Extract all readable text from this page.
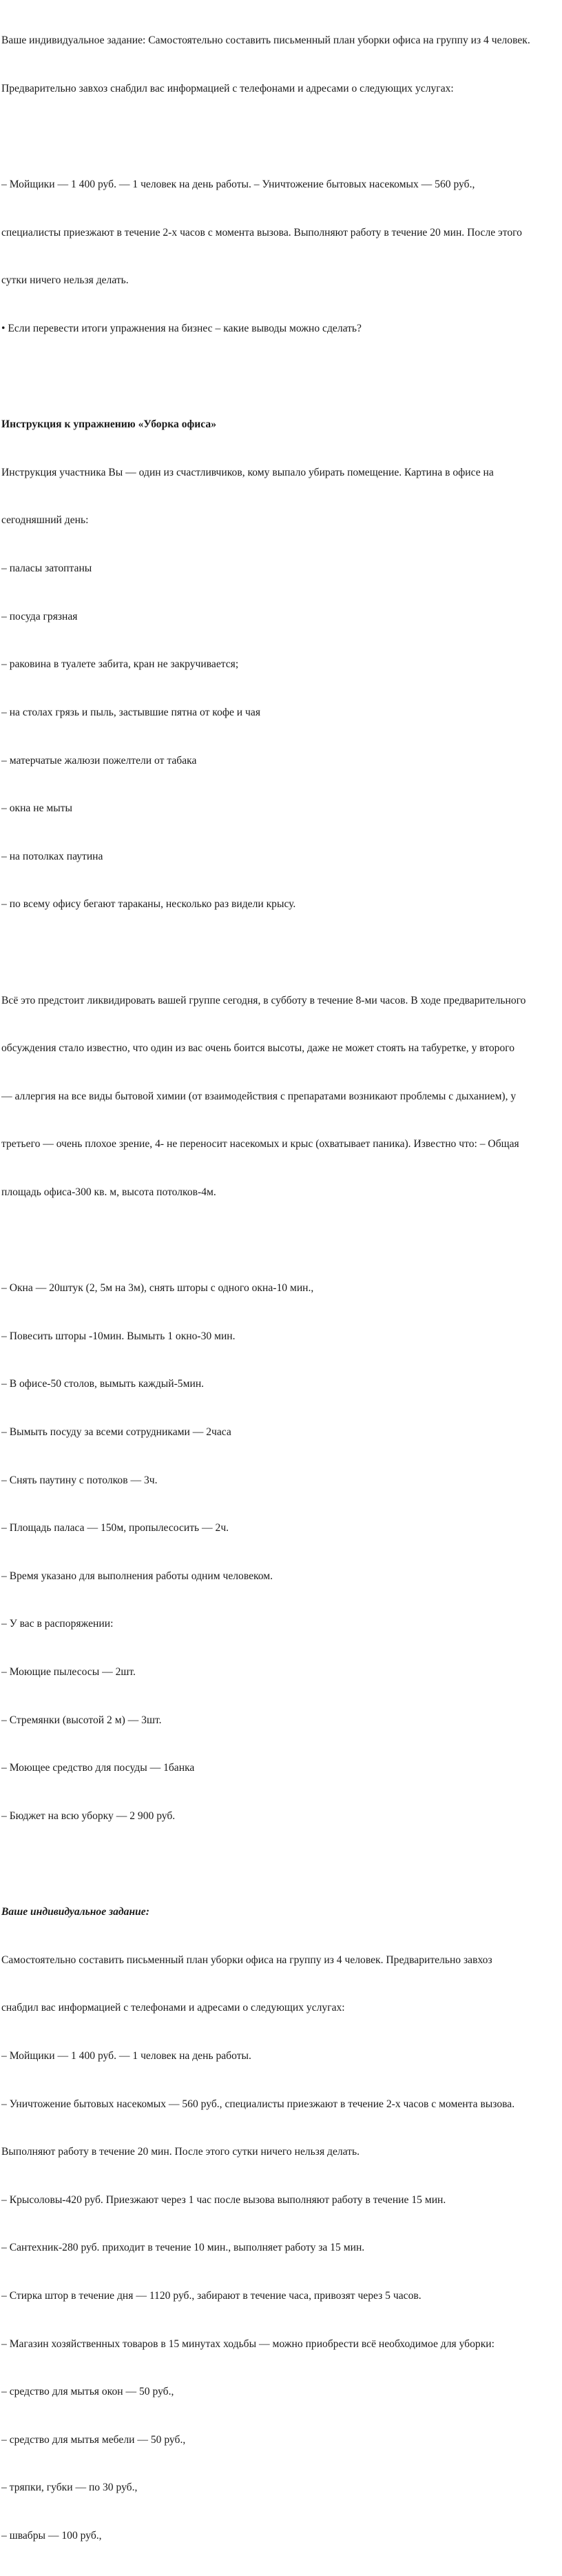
Ваше индивидуальное задание: Самостоятельно составить письменный план уборки офиса на группу из 4 человек.

Предварительно завхоз снабдил вас информацией с телефонами и адресами о следующих услугах:

– Мойщики — 1 400 руб. — 1 человек на день работы. – Уничтожение бытовых насекомых — 560 руб.,

специалисты приезжают в течение 2-х часов с момента вызова. Выполняют работу в течение 20 мин. После этого

сутки ничего нельзя делать.

• Если перевести итоги упражнения на бизнес – какие выводы можно сделать?

Инструкция к упражнению «Уборка офиса»

Инструкция участника Вы — один из счастливчиков, кому выпало убирать помещение. Картина в офисе на

сегодняшний день:

– паласы затоптаны

– посуда грязная

– раковина в туалете забита, кран не закручивается;

– на столах грязь и пыль, застывшие пятна от кофе и чая

– матерчатые жалюзи пожелтели от табака

– окна не мыты

– на потолках паутина

– по всему офису бегают тараканы, несколько раз видели крысу.

Всё это предстоит ликвидировать вашей группе сегодня, в субботу в течение 8-ми часов. В ходе предварительного

обсуждения стало известно, что один из вас очень боится высоты, даже не может стоять на табуретке, у второго

— аллергия на все виды бытовой химии (от взаимодействия с препаратами возникают проблемы с дыханием), у

третьего — очень плохое зрение, 4- не переносит насекомых и крыс (охватывает паника). Известно что: – Общая

площадь офиса-300 кв. м, высота потолков-4м.

– Окна — 20штук (2, 5м на 3м), снять шторы с одного окна-10 мин.,

– Повесить шторы -10мин. Вымыть 1 окно-30 мин.

– В офисе-50 столов, вымыть каждый-5мин.

– Вымыть посуду за всеми сотрудниками — 2часа

– Снять паутину с потолков — 3ч.

– Площадь паласа — 150м, пропылесосить — 2ч.

– Время указано для выполнения работы одним человеком.

– У вас в распоряжении:

– Моющие пылесосы — 2шт.

– Стремянки (высотой 2 м) — 3шт.

– Моющее средство для посуды — 1банка

– Бюджет на всю уборку — 2 900 руб.

Ваше индивидуальное задание:

Самостоятельно составить письменный план уборки офиса на группу из 4 человек. Предварительно завхоз

снабдил вас информацией с телефонами и адресами о следующих услугах:

– Мойщики — 1 400 руб. — 1 человек на день работы.

– Уничтожение бытовых насекомых — 560 руб., специалисты приезжают в течение 2-х часов с момента вызова.

Выполняют работу в течение 20 мин. После этого сутки ничего нельзя делать.

– Крысоловы-420 руб. Приезжают через 1 час после вызова выполняют работу в течение 15 мин.

– Сантехник-280 руб. приходит в течение 10 мин., выполняет работу за 15 мин.

– Стирка штор в течение дня — 1120 руб., забирают в течение часа, привозят через 5 часов.

– Магазин хозяйственных товаров в 15 минутах ходьбы — можно приобрести всё необходимое для уборки:

– средство для мытья окон — 50 руб.,

– средство для мытья мебели — 50 руб.,

– тряпки, губки — по 30 руб.,

– швабры — 100 руб.,
